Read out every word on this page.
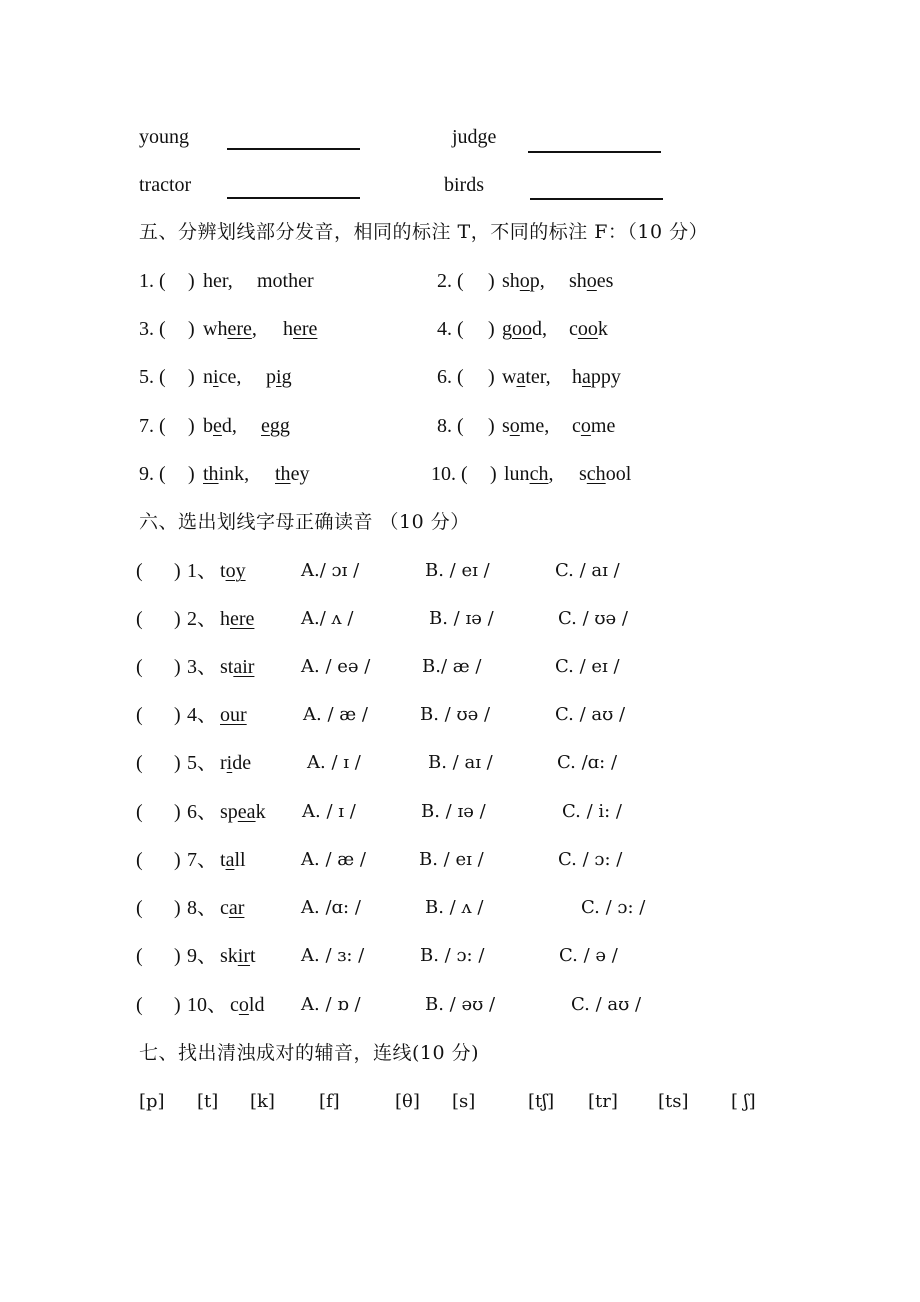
young	judge
tractor	birds
五、分辨划线部分发音，相同的标注 T，不同的标注 F：（10 分）
1. ( ) her, mother	2. ( ) shop, shoes
3. ( ) where, here	4. ( ) good, cook
5. ( ) nice, pig	6. ( ) water, happy
7. ( ) bed, egg	8. ( ) some, come
9. ( ) think, they	10. ( ) lunch, school
六、选出划线字母正确读音 （10 分）
( ) 1、 toy	A./ ɔɪ /	B. / eɪ /	C. / aɪ /
( ) 2、 here	A./ ʌ /	B. / ɪə /	C. / ʊə /
( ) 3、 stair	A. / eə /	B./ æ /	C. / eɪ /
( ) 4、 our	A. / æ /	B. / ʊə /	C. / aʊ /
( ) 5、 ride	A. / ɪ /	B. / aɪ /	C. /ɑ: /
( ) 6、 speak A. / ɪ /	B. / ɪə /	C. / i: /
( ) 7、 tall	A. / æ /	B. / eɪ /	C. / ɔ: /
( ) 8、 car	A. /ɑ: /	B. / ʌ /	C. / ɔ: /
( ) 9、 skirt	A. / ɜ: /	B. / ɔ: /	C. / ə /
( ) 10、 cold A. / ɒ /	B. / əʊ /	C. / aʊ /
七、找出清浊成对的辅音，连线(10 分)
[p] [t] [k] [f]	[θ] [s]	[tʃ] [tr] [ts] [ ʃ]
